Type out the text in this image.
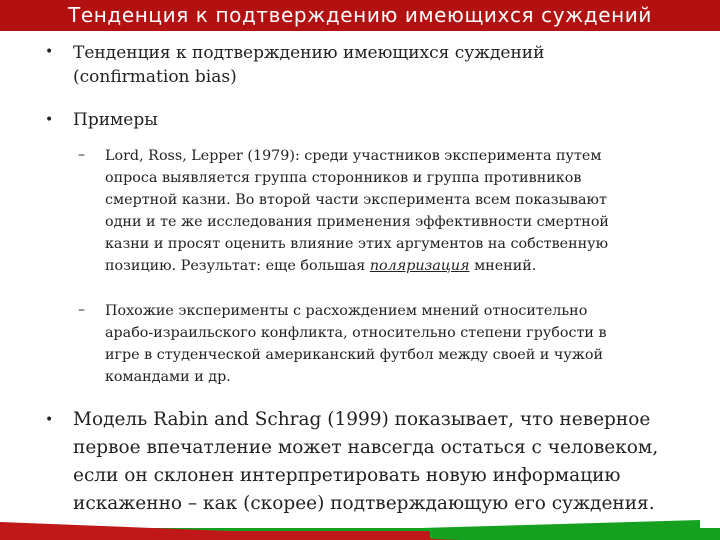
Тенденция к подтверждению имеющихся суждений
• Тенденция к подтверждению имеющихся суждений
(confirmation bias)
• Примеры
– Lord, Ross, Lepper (1979): среди участников эксперимента путем
опроса выявляется группа сторонников и группа противников
смертной казни. Во второй части эксперимента всем показывают
одни и те же исследования применения эффективности смертной
казни и просят оценить влияние этих аргументов на собственную
позицию. Результат: еще большая поляризация мнений.
– Похожие эксперименты с расхождением мнений относительно
арабо-израильского конфликта, относительно степени грубости в
игре в студенческой американский футбол между своей и чужой
командами и др.
• Модель Rabin and Schrag (1999) показывает, что неверное
первое впечатление может навсегда остаться с человеком,
если он склонен интерпретировать новую информацию
искаженно – как (скорее) подтверждающую его суждения.
